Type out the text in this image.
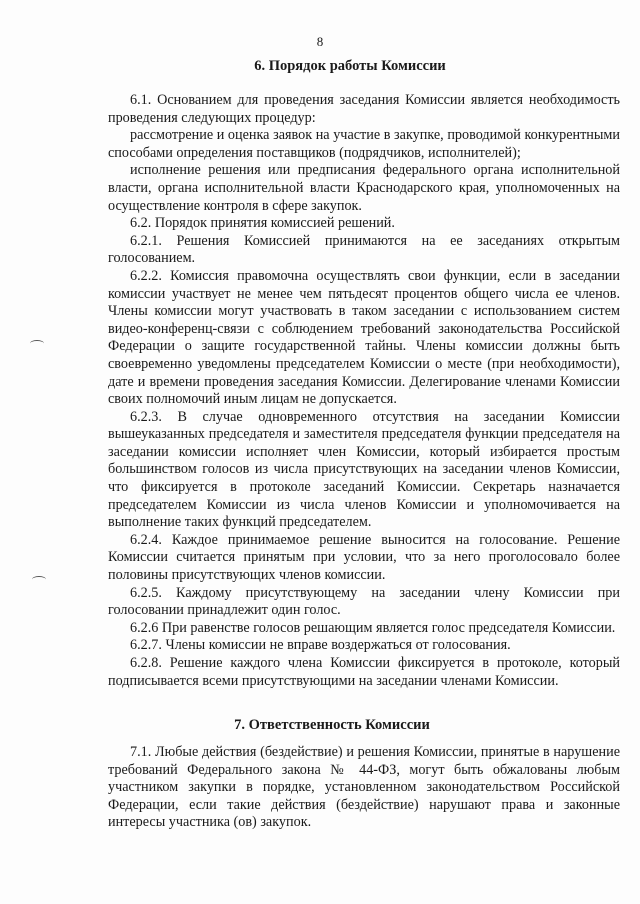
8
6. Порядок работы Комиссии

6.1. Основанием для проведения заседания Комиссии является необходимость проведения следующих процедур:

рассмотрение и оценка заявок на участие в закупке, проводимой конкурентными способами определения поставщиков (подрядчиков, исполнителей);

исполнение решения или предписания федерального органа исполнительной власти, органа исполнительной власти Краснодарского края, уполномоченных на осуществление контроля в сфере закупок.

6.2. Порядок принятия комиссией решений.

6.2.1. Решения Комиссией принимаются на ее заседаниях открытым голосованием.

6.2.2. Комиссия правомочна осуществлять свои функции, если в заседании комиссии участвует не менее чем пятьдесят процентов общего числа ее членов. Члены комиссии могут участвовать в таком заседании с использованием систем видео-конференц-связи с соблюдением требований законодательства Российской Федерации о защите государственной тайны. Члены комиссии должны быть своевременно уведомлены председателем Комиссии о месте (при необходимости), дате и времени проведения заседания Комиссии. Делегирование членами Комиссии своих полномочий иным лицам не допускается.

6.2.3. В случае одновременного отсутствия на заседании Комиссии вышеуказанных председателя и заместителя председателя функции председателя на заседании комиссии исполняет член Комиссии, который избирается простым большинством голосов из числа присутствующих на заседании членов Комиссии, что фиксируется в протоколе заседаний Комиссии. Секретарь назначается председателем Комиссии из числа членов Комиссии и уполномочивается на выполнение таких функций председателем.

6.2.4. Каждое принимаемое решение выносится на голосование. Решение Комиссии считается принятым при условии, что за него проголосовало более половины присутствующих членов комиссии.

6.2.5. Каждому присутствующему на заседании члену Комиссии при голосовании принадлежит один голос.

6.2.6 При равенстве голосов решающим является голос председателя Комиссии.

6.2.7. Члены комиссии не вправе воздержаться от голосования.

6.2.8. Решение каждого члена Комиссии фиксируется в протоколе, который подписывается всеми присутствующими на заседании членами Комиссии.

7. Ответственность Комиссии

7.1. Любые действия (бездействие) и решения Комиссии, принятые в нарушение требований Федерального закона № 44-ФЗ, могут быть обжалованы любым участником закупки в порядке, установленном законодательством Российской Федерации, если такие действия (бездействие) нарушают права и законные интересы участника (ов) закупок.
